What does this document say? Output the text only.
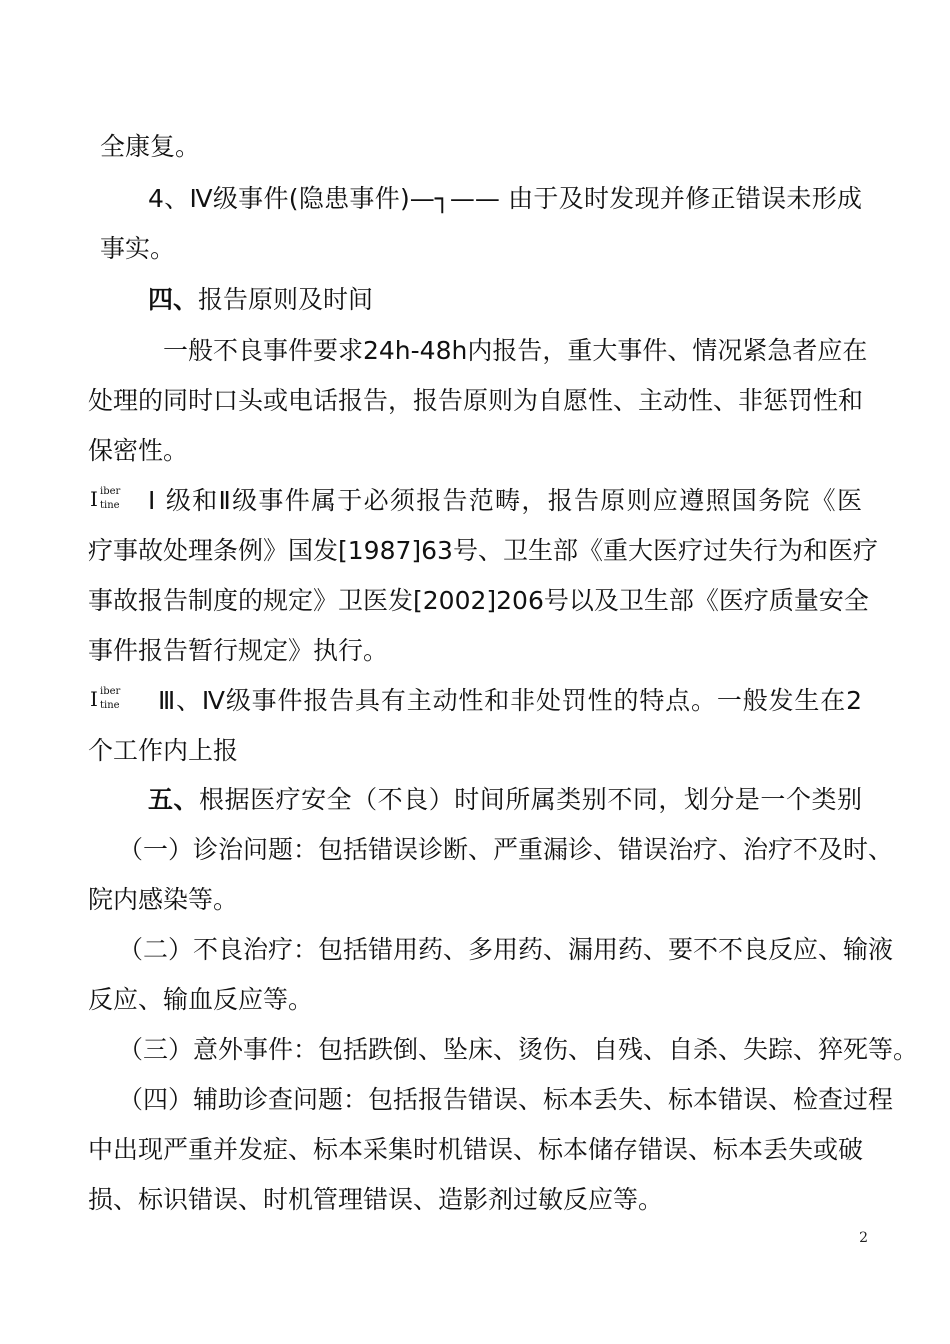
全康复。
4、Ⅳ级事件(隐患事件)—┐—— 由于及时发现并修正错误未形成
事实。
四、报告原则及时间
一般不良事件要求24h-48h内报告，重大事件、情况紧急者应在
处理的同时口头或电话报告，报告原则为自愿性、主动性、非惩罚性和
保密性。
I iber
tine Ⅰ 级和Ⅱ级事件属于必须报告范畴，报告原则应遵照国务院《医
疗事故处理条例》国发[1987]63号、卫生部《重大医疗过失行为和医疗
事故报告制度的规定》卫医发[2002]206号以及卫生部《医疗质量安全
事件报告暂行规定》执行。
I iber
tine Ⅲ、Ⅳ级事件报告具有主动性和非处罚性的特点。一般发生在2
个工作内上报
五、根据医疗安全（不良）时间所属类别不同，划分是一个类别
（一）诊治问题：包括错误诊断、严重漏诊、错误治疗、治疗不及时、
院内感染等。
（二）不良治疗：包括错用药、多用药、漏用药、要不不良反应、输液
反应、输血反应等。
（三）意外事件：包括跌倒、坠床、烫伤、自残、自杀、失踪、猝死等。
（四）辅助诊查问题：包括报告错误、标本丢失、标本错误、检查过程
中出现严重并发症、标本采集时机错误、标本储存错误、标本丢失或破
损、标识错误、时机管理错误、造影剂过敏反应等。
2
